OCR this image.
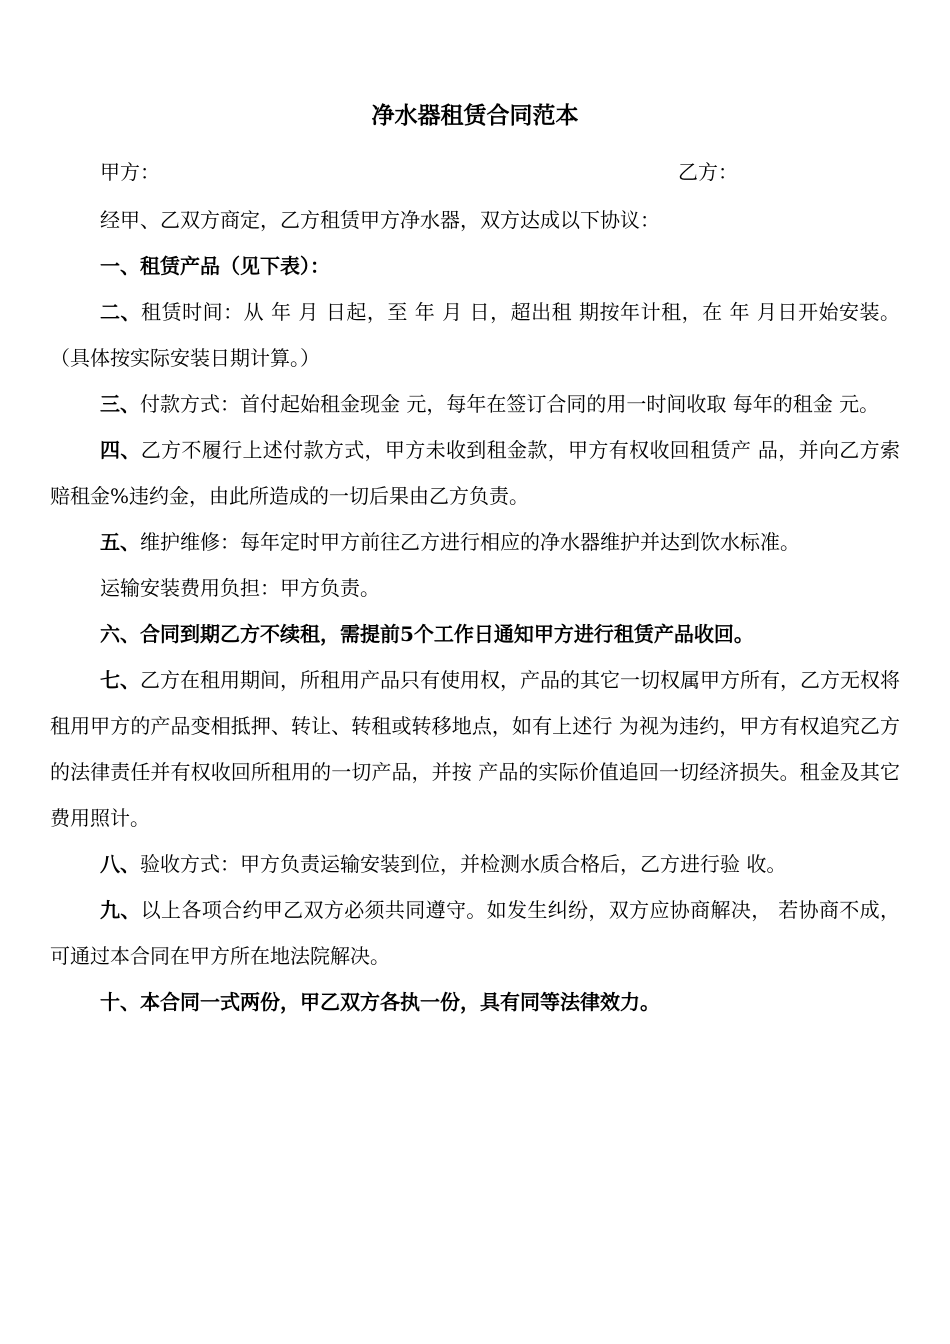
净水器租赁合同范本
甲方：	乙方：

经甲、乙双方商定，乙方租赁甲方净水器，双方达成以下协议：

一、租赁产品（见下表）：

二、租赁时间：从 年 月 日起，至 年 月 日，超出租 期按年计租，在 年 月日开始安装。（具体按实际安装日期计算。）

三、付款方式：首付起始租金现金 元，每年在签订合同的用一时间收取 每年的租金 元。

四、乙方不履行上述付款方式，甲方未收到租金款，甲方有权收回租赁产 品，并向乙方索赔租金%违约金，由此所造成的一切后果由乙方负责。

五、维护维修：每年定时甲方前往乙方进行相应的净水器维护并达到饮水标准。

运输安装费用负担：甲方负责。

六、合同到期乙方不续租，需提前5个工作日通知甲方进行租赁产品收回。

七、乙方在租用期间，所租用产品只有使用权，产品的其它一切权属甲方所有，乙方无权将租用甲方的产品变相抵押、转让、转租或转移地点，如有上述行 为视为违约，甲方有权追究乙方的法律责任并有权收回所租用的一切产品，并按 产品的实际价值追回一切经济损失。租金及其它费用照计。

八、验收方式：甲方负责运输安装到位，并检测水质合格后，乙方进行验 收。

九、以上各项合约甲乙双方必须共同遵守。如发生纠纷，双方应协商解决， 若协商不成，可通过本合同在甲方所在地法院解决。

十、本合同一式两份，甲乙双方各执一份，具有同等法律效力。
